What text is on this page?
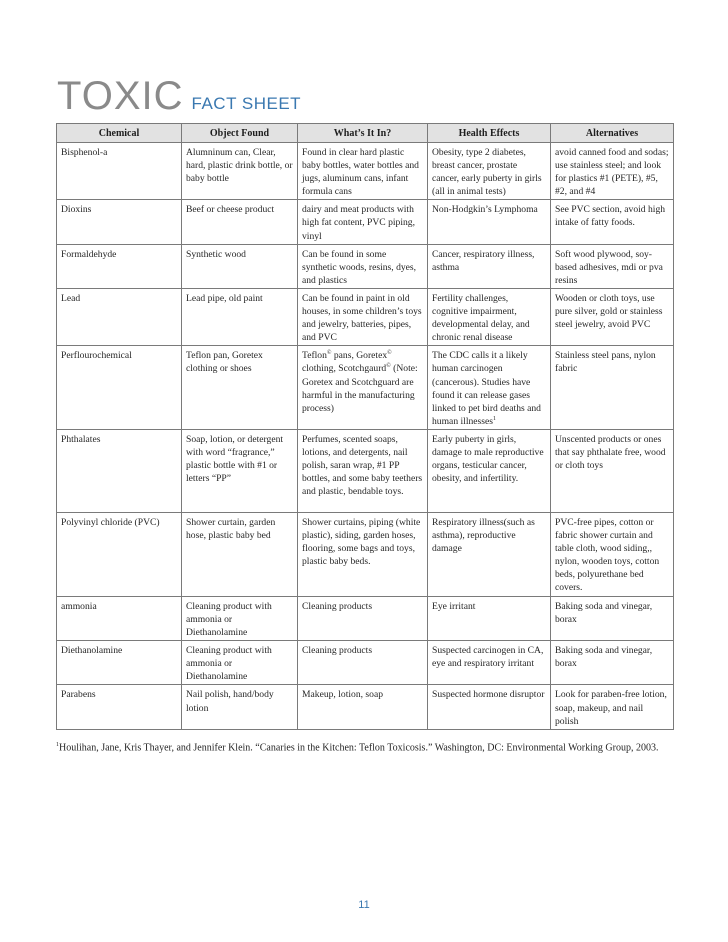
TOXIC FACT SHEET
Chemical	Object Found	What’s It In?	Health Effects	Alternatives
Bisphenol-a	Alumninum can, Clear, hard, plastic drink bottle, or baby bottle	Found in clear hard plastic baby bottles, water bottles and jugs, aluminum cans, infant formula cans	Obesity, type 2 diabetes, breast cancer, prostate cancer, early puberty in girls (all in animal tests)	avoid canned food and sodas; use stainless steel; and look for plastics #1 (PETE), #5, #2, and #4
Dioxins	Beef or cheese product	dairy and meat products with high fat content, PVC piping, vinyl	Non-Hodgkin’s Lymphoma	See PVC section, avoid high intake of fatty foods.
Formaldehyde	Synthetic wood	Can be found in some synthetic woods, resins, dyes, and plastics	Cancer, respiratory illness, asthma	Soft wood plywood, soy-based adhesives, mdi or pva resins
Lead	Lead pipe, old paint	Can be found in paint in old houses, in some children’s toys and jewelry, batteries, pipes, and PVC	Fertility challenges, cognitive impairment, developmental delay, and chronic renal disease	Wooden or cloth toys, use pure silver, gold or stainless steel jewelry, avoid PVC
Perflourochemical	Teflon pan, Goretex clothing or shoes	Teflon© pans, Goretex© clothing, Scotchgaurd© (Note: Goretex and Scotchguard are harmful in the manufacturing process)	The CDC calls it a likely human carcinogen (cancerous). Studies have found it can release gases linked to pet bird deaths and human illnesses$^1$	Stainless steel pans, nylon fabric
Phthalates	Soap, lotion, or detergent with word “fragrance,” plastic bottle with #1 or letters “PP”	Perfumes, scented soaps, lotions, and detergents, nail polish, saran wrap, #1 PP bottles, and some baby teethers and plastic, bendable toys.	Early puberty in girls, damage to male reproductive organs, testicular cancer, obesity, and infertility.	Unscented products or ones that say phthalate free, wood or cloth toys
Polyvinyl chloride (PVC)	Shower curtain, garden hose, plastic baby bed	Shower curtains, piping (white plastic), siding, garden hoses, flooring, some bags and toys, plastic baby beds.	Respiratory illness(such as asthma), reproductive damage	PVC-free pipes, cotton or fabric shower curtain and table cloth, wood siding,, nylon, wooden toys, cotton beds, polyurethane bed covers.
ammonia	Cleaning product with ammonia or Diethanolamine	Cleaning products	Eye irritant	Baking soda and vinegar, borax
Diethanolamine	Cleaning product with ammonia or Diethanolamine	Cleaning products	Suspected carcinogen in CA, eye and respiratory irritant	Baking soda and vinegar, borax
Parabens	Nail polish, hand/body lotion	Makeup, lotion, soap	Suspected hormone disruptor	Look for paraben-free lotion, soap, makeup, and nail polish
$^1$Houlihan, Jane, Kris Thayer, and Jennifer Klein. “Canaries in the Kitchen: Teflon Toxicosis.” Washington, DC: Environmental Working Group, 2003.
11
